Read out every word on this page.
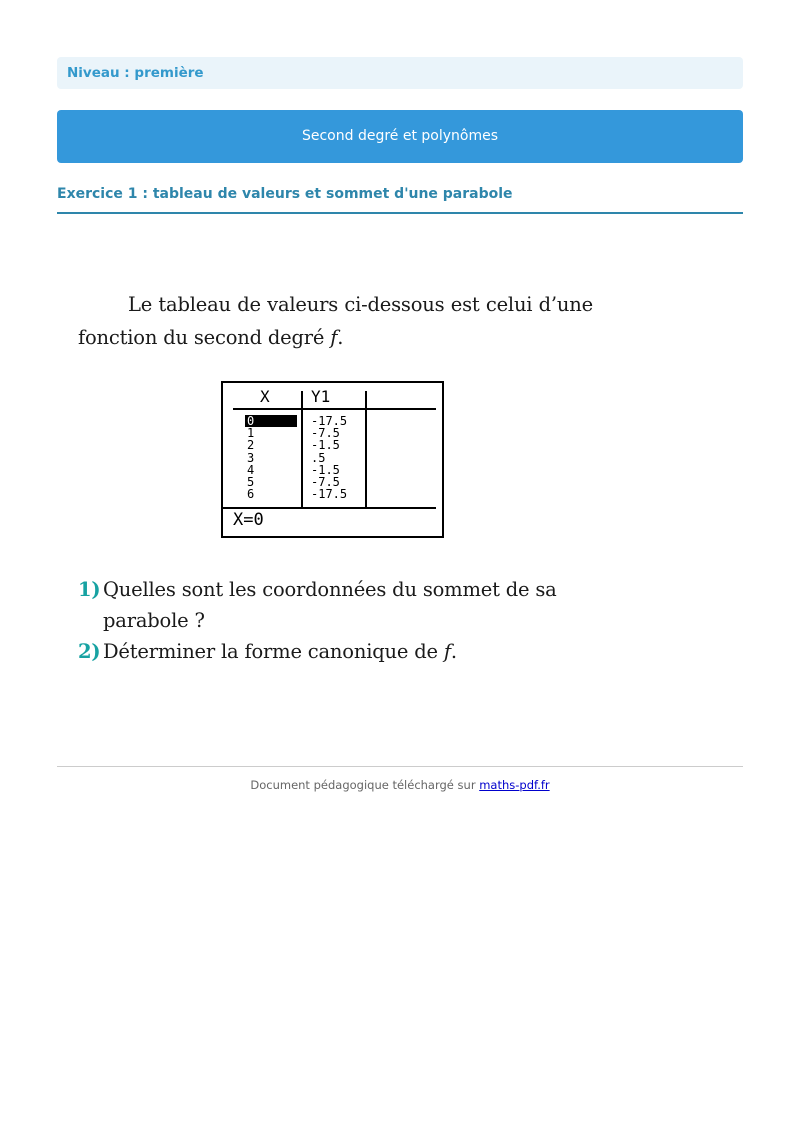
Niveau : première
Second degré et polynômes
Exercice 1 : tableau de valeurs et sommet d'une parabole
Le tableau de valeurs ci-dessous est celui d’une fonction du second degré f.
X	Y1
0	-17.5
1	-7.5
2	-1.5
3	.5
4	-1.5
5	-7.5
6	-17.5
X=0
1) Quelles sont les coordonnées du sommet de sa parabole ?
2) Déterminer la forme canonique de f.
Document pédagogique téléchargé sur maths-pdf.fr
